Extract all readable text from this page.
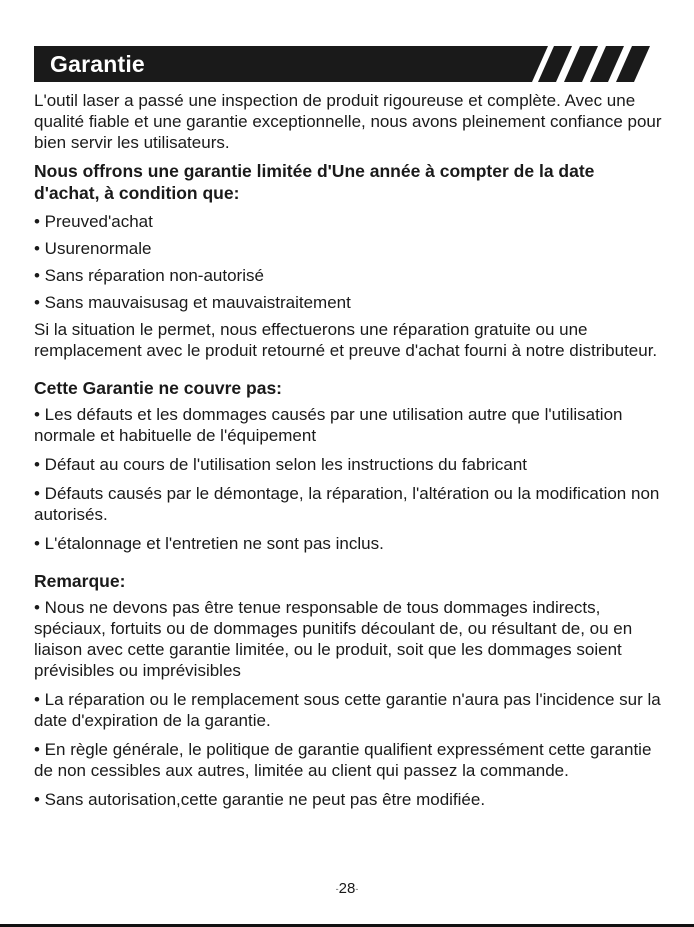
Garantie

L'outil laser a passé une inspection de produit rigoureuse et complète. Avec une qualité fiable et une garantie exceptionnelle, nous avons pleinement confiance pour bien servir les utilisateurs.

Nous offrons une garantie limitée d'Une année à compter de la date d'achat, à condition que:

• Preuved'achat
• Usurenormale
• Sans réparation non-autorisé
• Sans mauvaisusag et mauvaistraitement

Si la situation le permet, nous effectuerons une réparation gratuite ou une remplacement avec le produit retourné et preuve d'achat fourni à notre distributeur.

Cette Garantie ne couvre pas:

• Les défauts et les dommages causés par une utilisation autre que l'utilisation normale et habituelle de l'équipement
• Défaut au cours de l'utilisation selon les instructions du fabricant
• Défauts causés par le démontage, la réparation, l'altération ou la modification non autorisés.
• L'étalonnage et l'entretien ne sont pas inclus.

Remarque:

• Nous ne devons pas être tenue responsable de tous dommages indirects, spéciaux, fortuits ou de dommages punitifs découlant de, ou résultant de, ou en liaison avec cette garantie limitée, ou le produit, soit que les dommages soient prévisibles ou imprévisibles
• La réparation ou le remplacement sous cette garantie n'aura pas l'incidence sur la date d'expiration de la garantie.
• En règle générale, le politique de garantie qualifient expressément cette garantie de non cessibles aux autres, limitée au client qui passez la commande.
• Sans autorisation,cette garantie ne peut pas être modifiée.
-28-
